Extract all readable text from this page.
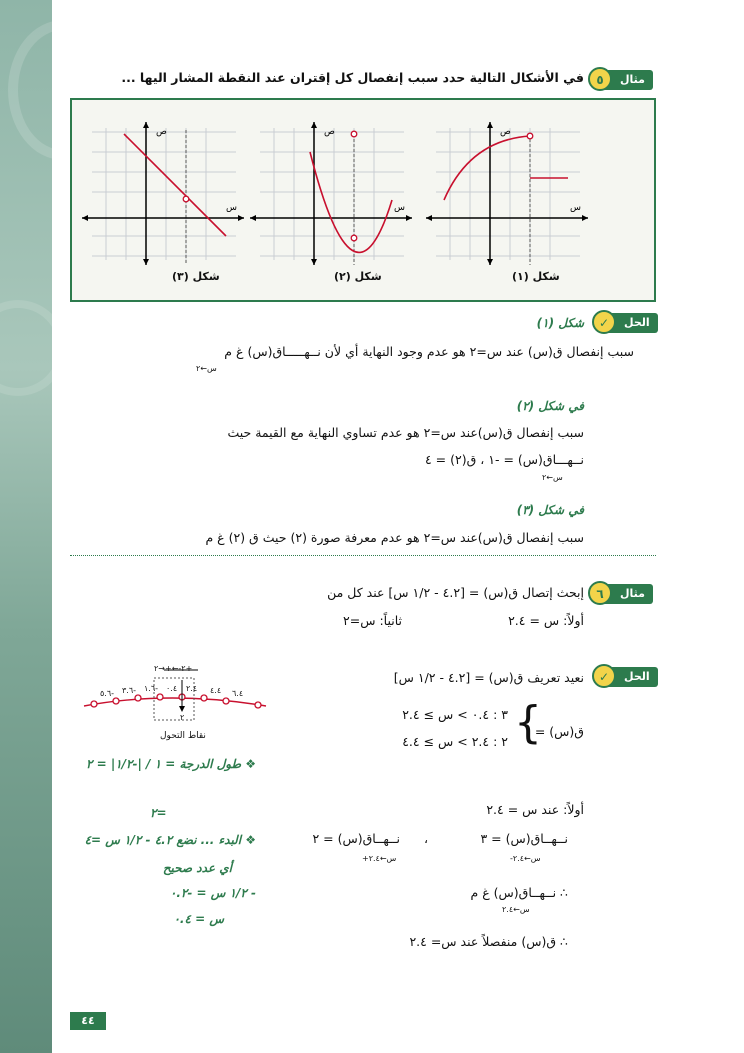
٥	مثال
في الأشكال التالية حدد سبب إنفصال كل إقتران عند النقطة المشار اليها ...
ص
س
ص
س
ص
س
شكل (٣)	شكل (٢)	شكل (١)
✓	الحل
شكل (١)
سبب إنفصال ق(س) عند س=٢ هو عدم وجود النهاية أي لأن نــهـــــاق(س) غ م
س←٢
في شكل (٢)
سبب إنفصال ق(س)عند س=٢ هو عدم تساوي النهاية مع القيمة حيث
نــهـــاق(س) = -١ ، ق(٢) = ٤
س←٢
في شكل (٣)
سبب إنفصال ق(س)عند س=٢ هو عدم معرفة صورة (٢) حيث ق (٢) غ م
٦	مثال
إبحث إتصال ق(س) = [٤.٢ - ١/٢ س] عند كل من
أولاً: س = ٢.٤
ثانياً: س=٢
✓	الحل
نعيد تعريف ق(س) = [٤.٢ - ١/٢ س]
ق(س) =
{
٣ : ٠.٤ > س ≥ ٢.٤
٢ : ٢.٤ > س ≥ ٤.٤
أولاً: عند س = ٢.٤
نــهــاق(س) = ٣
س←٢.٤-
،
نــهــاق(س) = ٢
س←٢.٤+
∴ نــهــاق(س) غ م
س←٢.٤
∴ ق(س) منفصلاً عند س= ٢.٤
٢-←+→٢+
٢
٦.٤
٤.٤
٢.٤
٠.٤
١.٦-
٣.٦-
٥.٦-
نقاط التحول
❖ طول الدرجة = ١ / |-١/٢| = ٢
=٢
❖ البدء ... نضع ٤.٢ - ١/٢ س =٤
أي عدد صحيح
- ١/٢ س = -٠.٢
س = ٠.٤
٤٤
